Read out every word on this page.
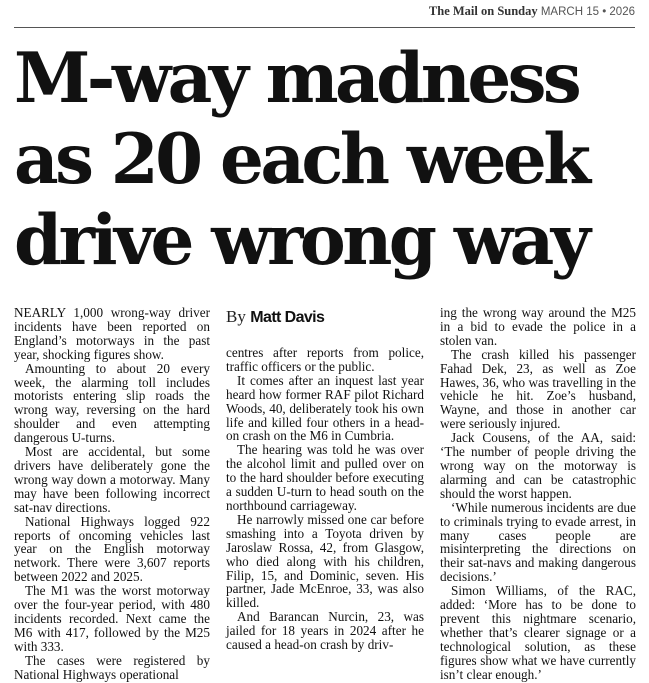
The Mail on Sunday MARCH 15 • 2026
M-way madness
as 20 each week
drive wrong way

NEARLY 1,000 wrong-way driver incidents have been reported on England’s motorways in the past year, shocking figures show.

Amounting to about 20 every week, the alarming toll includes motorists entering slip roads the wrong way, reversing on the hard shoulder and even attempting dangerous U-turns.

Most are accidental, but some drivers have deliberately gone the wrong way down a motorway. Many may have been following incorrect sat-nav directions.

National Highways logged 922 reports of oncoming vehicles last year on the English motorway network. There were 3,607 reports between 2022 and 2025.

The M1 was the worst motorway over the four-year period, with 480 incidents recorded. Next came the M6 with 417, followed by the M25 with 333.

The cases were registered by National Highways operational

By Matt Davis

centres after reports from police, traffic officers or the public.

It comes after an inquest last year heard how former RAF pilot Richard Woods, 40, deliberately took his own life and killed four others in a head-on crash on the M6 in Cumbria.

The hearing was told he was over the alcohol limit and pulled over on to the hard shoulder before executing a sudden U-turn to head south on the northbound carriageway.

He narrowly missed one car before smashing into a Toyota driven by Jaroslaw Rossa, 42, from Glasgow, who died along with his children, Filip, 15, and Dominic, seven. His partner, Jade McEnroe, 33, was also killed.

And Barancan Nurcin, 23, was jailed for 18 years in 2024 after he caused a head-on crash by driv-

ing the wrong way around the M25 in a bid to evade the police in a stolen van.

The crash killed his passenger Fahad Dek, 23, as well as Zoe Hawes, 36, who was travelling in the vehicle he hit. Zoe’s husband, Wayne, and those in another car were seriously injured.

Jack Cousens, of the AA, said: ‘The number of people driving the wrong way on the motorway is alarming and can be catastrophic should the worst happen.

‘While numerous incidents are due to criminals trying to evade arrest, in many cases people are misinterpreting the directions on their sat-navs and making dangerous decisions.’

Simon Williams, of the RAC, added: ‘More has to be done to prevent this nightmare scenario, whether that’s clearer signage or a technological solution, as these figures show what we have currently isn’t clear enough.’
